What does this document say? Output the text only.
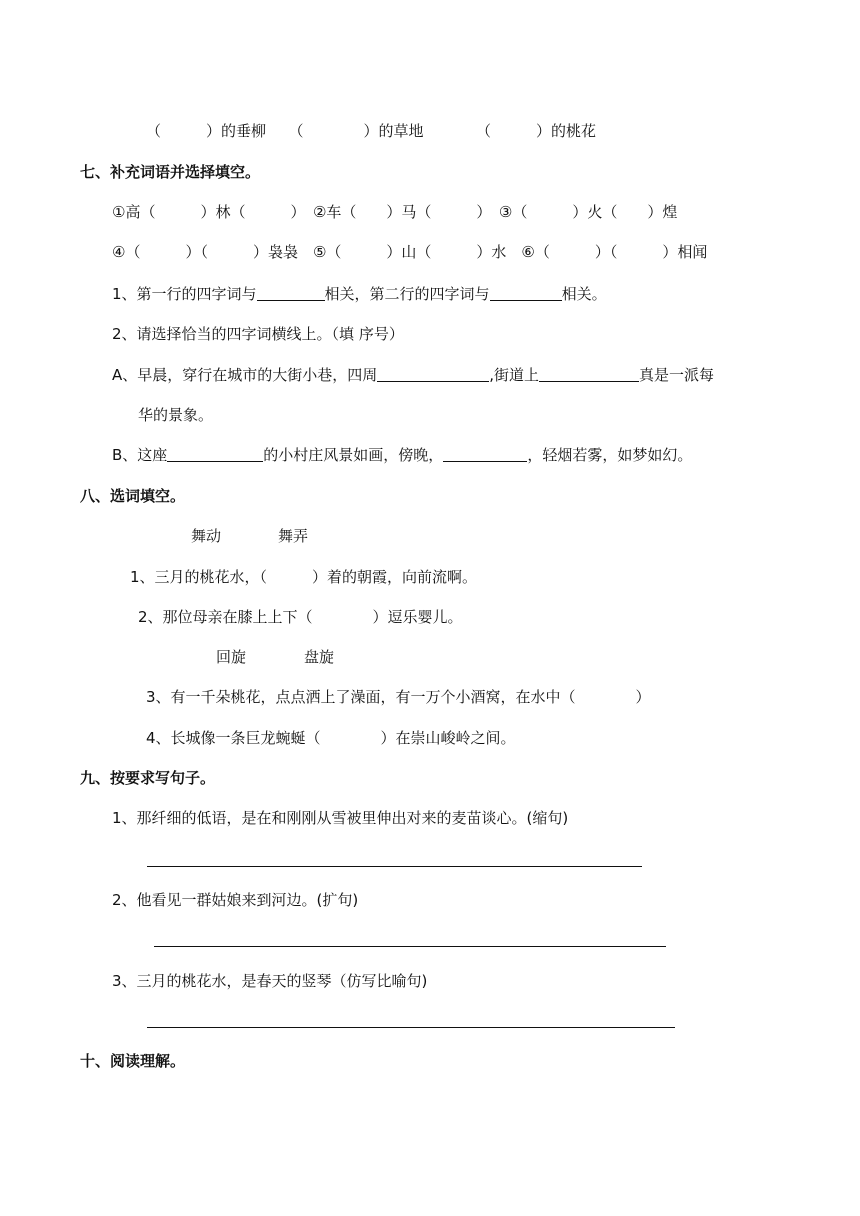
（　　　）的垂柳　　（　　　　）的草地　　　　（　　　）的桃花
七、补充词语并选择填空。
①高（　　　）林（　　　）　②车（　　）马（　　　）　③（　　　）火（　　）煌
④（　　　）（　　　）袅袅　⑤（　　　）山（　　　）水　⑥（　　　）（　　　）相闻
1、第一行的四字词与	相关，第二行的四字词与	相关。
2、请选择恰当的四字词横线上。（填 序号）
A、早晨，穿行在城市的大街小巷，四周	,街道上	真是一派每
华的景象。
B、这座	的小村庄风景如画，傍晚，	，轻烟若雾，如梦如幻。
八、选词填空。
舞动	舞弄
1、三月的桃花水，（　　　）着的朝霞，向前流啊。
2、那位母亲在膝上上下（　　　　）逗乐婴儿。
回旋	盘旋
3、有一千朵桃花，点点洒上了澡面，有一万个小酒窝，在水中（　　　　）
4、长城像一条巨龙蜿蜒（　　　　）在崇山峻岭之间。
九、按要求写句子。
1、那纤细的低语，是在和刚刚从雪被里伸出对来的麦苗谈心。(缩句)
2、他看见一群姑娘来到河边。(扩句)
3、三月的桃花水，是春天的竖琴（仿写比喻句)
十、阅读理解。
